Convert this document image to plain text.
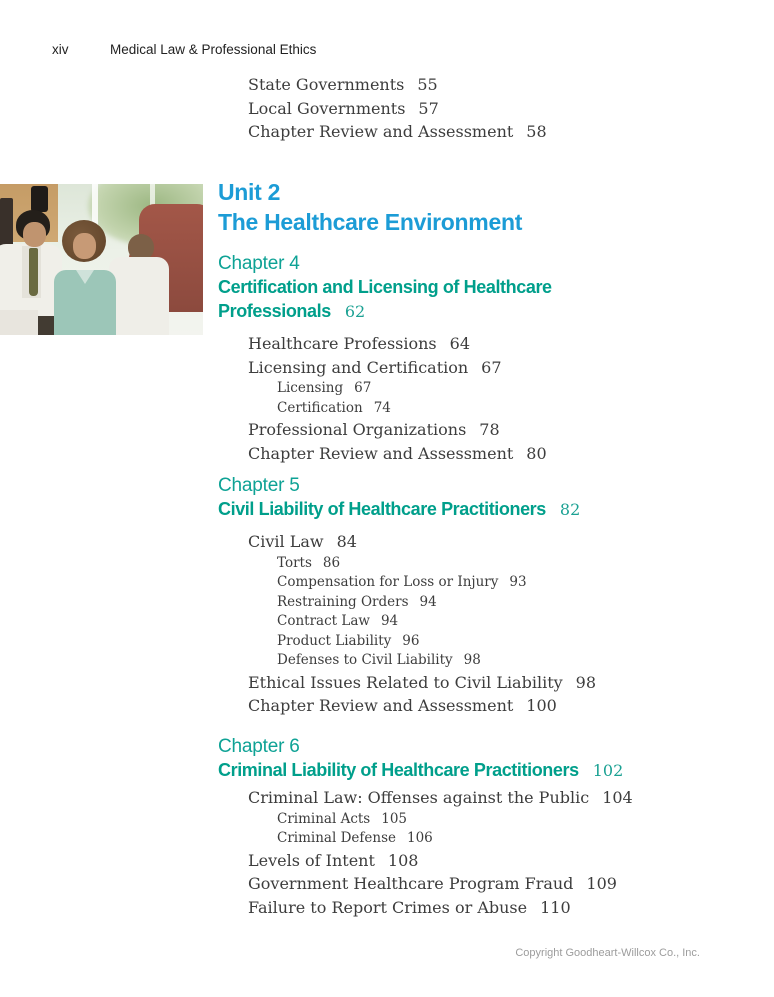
xiv	Medical Law & Professional Ethics
State Governments 55
Local Governments 57
Chapter Review and Assessment 58
Unit 2
The Healthcare Environment
Chapter 4
Certification and Licensing of Healthcare Professionals 62
Healthcare Professions 64
Licensing and Certification 67
Licensing 67
Certification 74
Professional Organizations 78
Chapter Review and Assessment 80
Chapter 5
Civil Liability of Healthcare Practitioners 82
Civil Law 84
Torts 86
Compensation for Loss or Injury 93
Restraining Orders 94
Contract Law 94
Product Liability 96
Defenses to Civil Liability 98
Ethical Issues Related to Civil Liability 98
Chapter Review and Assessment 100
Chapter 6
Criminal Liability of Healthcare Practitioners 102
Criminal Law: Offenses against the Public 104
Criminal Acts 105
Criminal Defense 106
Levels of Intent 108
Government Healthcare Program Fraud 109
Failure to Report Crimes or Abuse 110
Copyright Goodheart-Willcox Co., Inc.
